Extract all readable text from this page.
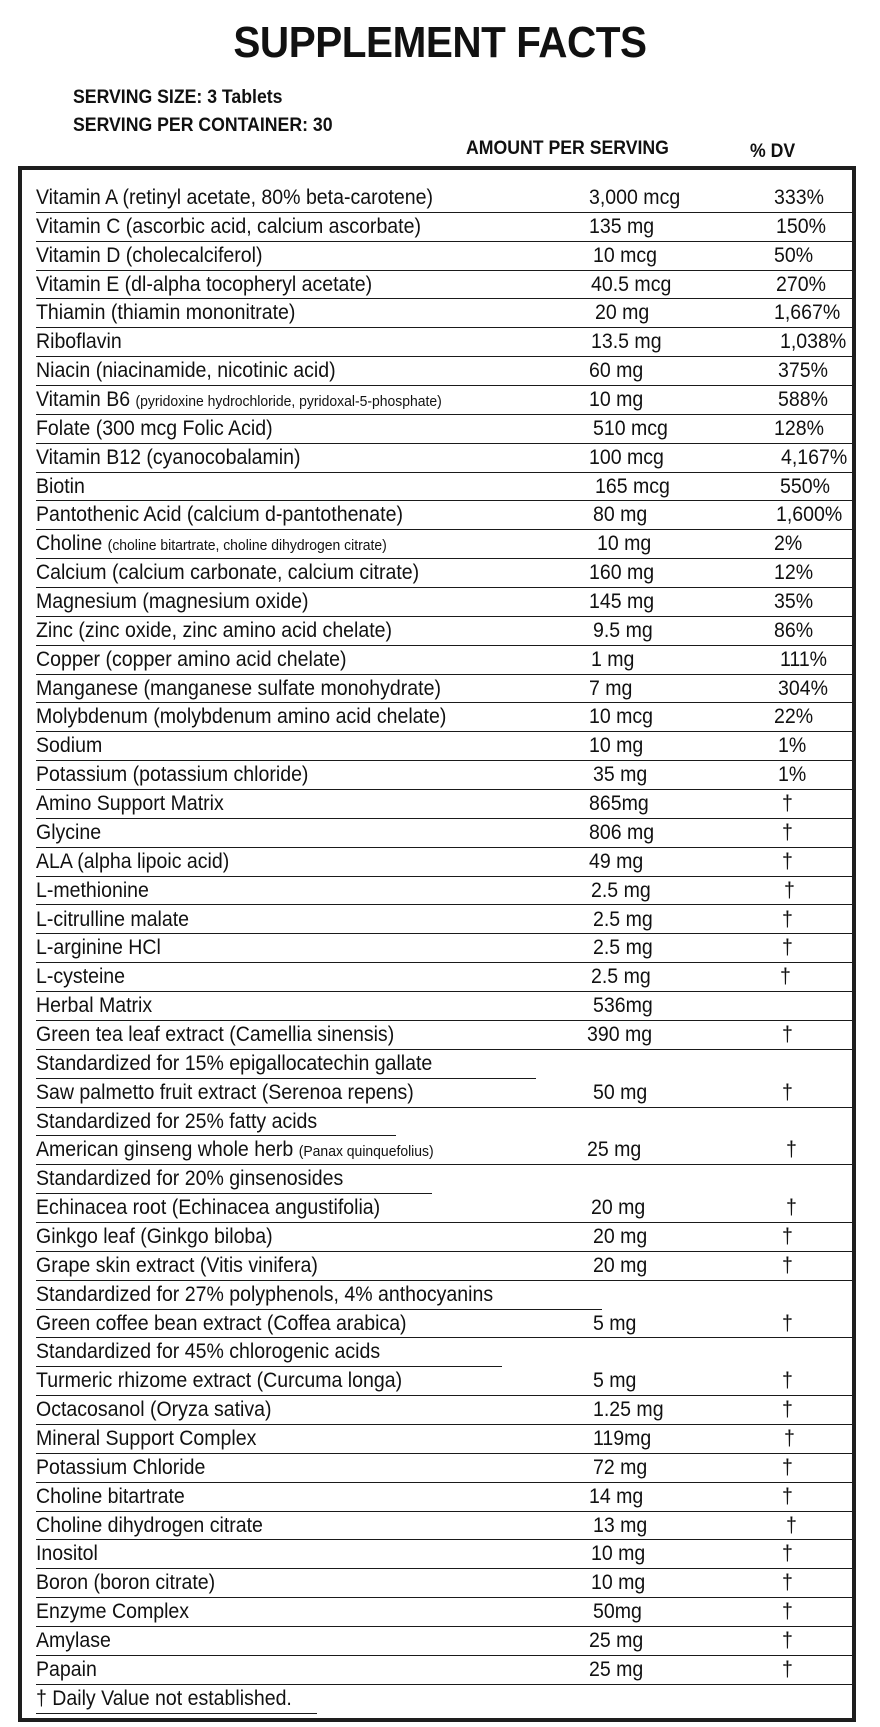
SUPPLEMENT FACTS
SERVING SIZE: 3 Tablets
SERVING PER CONTAINER: 30
AMOUNT PER SERVING	% DV
Vitamin A (retinyl acetate, 80% beta-carotene)	3,000 mcg	333%
Vitamin C (ascorbic acid, calcium ascorbate)	135 mg	150%
Vitamin D (cholecalciferol)	10 mcg	50%
Vitamin E (dl-alpha tocopheryl acetate)	40.5 mcg	270%
Thiamin (thiamin mononitrate)	20 mg	1,667%
Riboflavin	13.5 mg	1,038%
Niacin (niacinamide, nicotinic acid)	60 mg	375%
Vitamin B6 (pyridoxine hydrochloride, pyridoxal-5-phosphate)	10 mg	588%
Folate (300 mcg Folic Acid)	510 mcg	128%
Vitamin B12 (cyanocobalamin)	100 mcg	4,167%
Biotin	165 mcg	550%
Pantothenic Acid (calcium d-pantothenate)	80 mg	1,600%
Choline (choline bitartrate, choline dihydrogen citrate)	10 mg	2%
Calcium (calcium carbonate, calcium citrate)	160 mg	12%
Magnesium (magnesium oxide)	145 mg	35%
Zinc (zinc oxide, zinc amino acid chelate)	9.5 mg	86%
Copper (copper amino acid chelate)	1 mg	111%
Manganese (manganese sulfate monohydrate)	7 mg	304%
Molybdenum (molybdenum amino acid chelate)	10 mcg	22%
Sodium	10 mg	1%
Potassium (potassium chloride)	35 mg	1%
Amino Support Matrix	865mg	†
Glycine	806 mg	†
ALA (alpha lipoic acid)	49 mg	†
L-methionine	2.5 mg	†
L-citrulline malate	2.5 mg	†
L-arginine HCl	2.5 mg	†
L-cysteine	2.5 mg	†
Herbal Matrix	536mg
Green tea leaf extract (Camellia sinensis)	390 mg	†
Standardized for 15% epigallocatechin gallate
Saw palmetto fruit extract (Serenoa repens)	50 mg	†
Standardized for 25% fatty acids
American ginseng whole herb (Panax quinquefolius)	25 mg	†
Standardized for 20% ginsenosides
Echinacea root (Echinacea angustifolia)	20 mg	†
Ginkgo leaf (Ginkgo biloba)	20 mg	†
Grape skin extract (Vitis vinifera)	20 mg	†
Standardized for 27% polyphenols, 4% anthocyanins
Green coffee bean extract (Coffea arabica)	5 mg	†
Standardized for 45% chlorogenic acids
Turmeric rhizome extract (Curcuma longa)	5 mg	†
Octacosanol (Oryza sativa)	1.25 mg	†
Mineral Support Complex	119mg	†
Potassium Chloride	72 mg	†
Choline bitartrate	14 mg	†
Choline dihydrogen citrate	13 mg	†
Inositol	10 mg	†
Boron (boron citrate)	10 mg	†
Enzyme Complex	50mg	†
Amylase	25 mg	†
Papain	25 mg	†
† Daily Value not established.
